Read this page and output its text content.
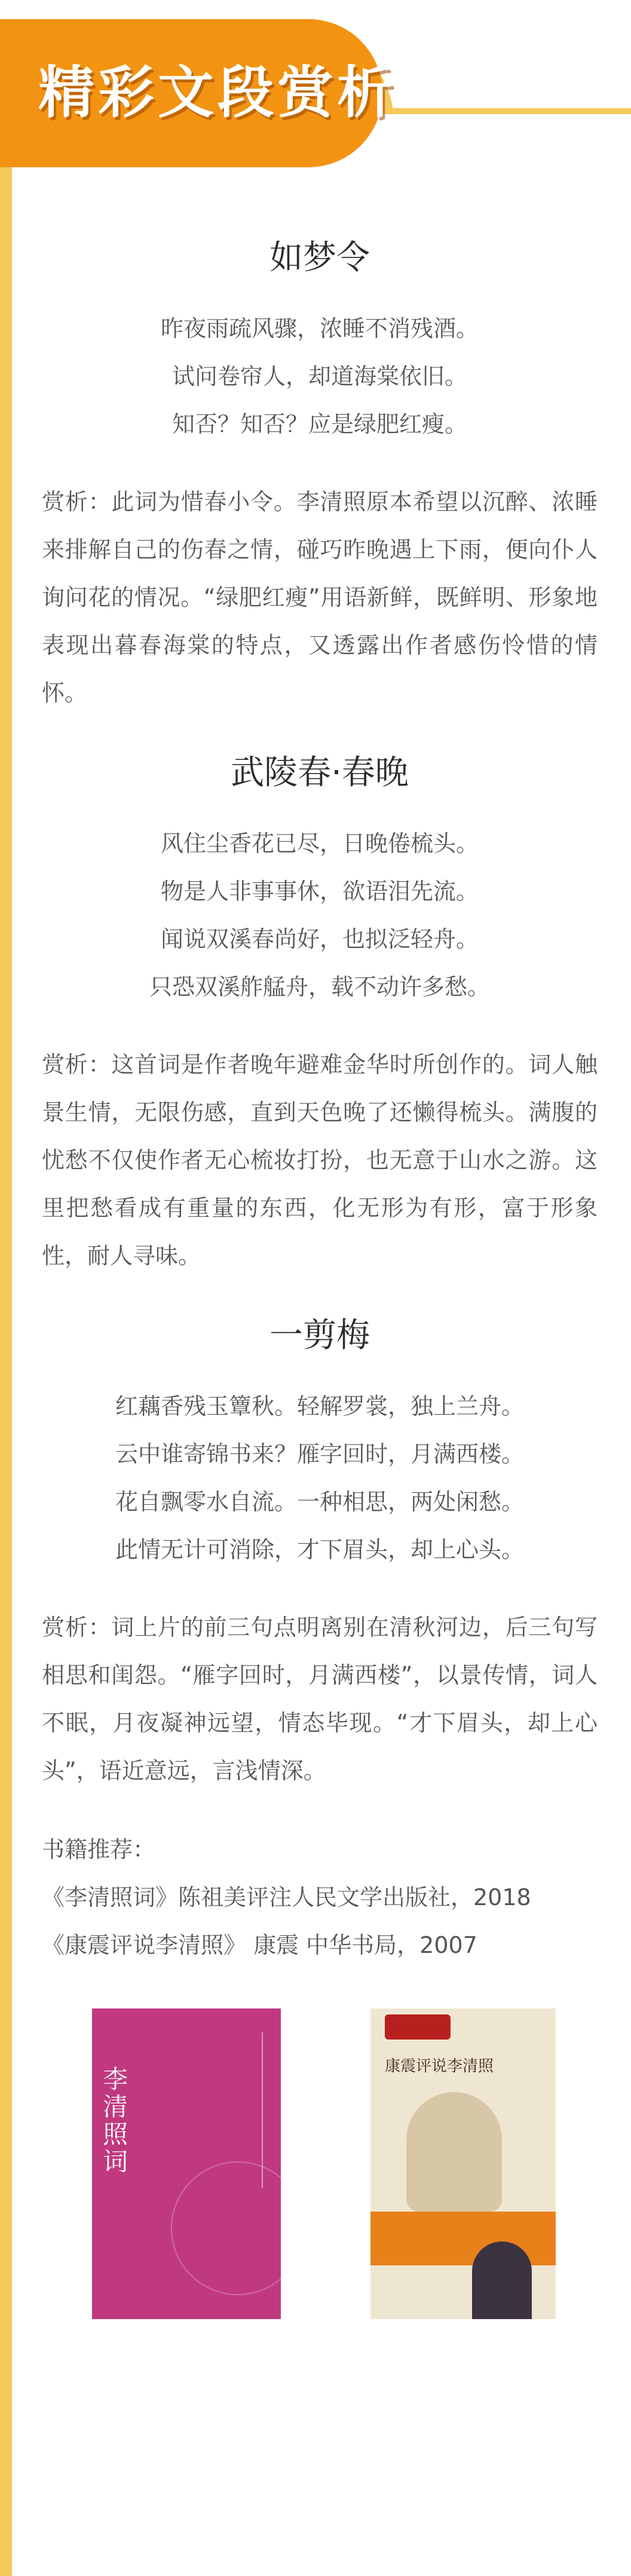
精彩文段赏析
如梦令
昨夜雨疏风骤，浓睡不消残酒。
试问卷帘人，却道海棠依旧。
知否？知否？应是绿肥红瘦。
赏析：此词为惜春小令。李清照原本希望以沉醉、浓睡来排解自己的伤春之情，碰巧昨晚遇上下雨，便向仆人询问花的情况。“绿肥红瘦”用语新鲜，既鲜明、形象地表现出暮春海棠的特点，又透露出作者感伤怜惜的情怀。
武陵春·春晚
风住尘香花已尽，日晚倦梳头。
物是人非事事休，欲语泪先流。
闻说双溪春尚好，也拟泛轻舟。
只恐双溪舴艋舟，载不动许多愁。
赏析：这首词是作者晚年避难金华时所创作的。词人触景生情，无限伤感，直到天色晚了还懒得梳头。满腹的忧愁不仅使作者无心梳妆打扮，也无意于山水之游。这里把愁看成有重量的东西，化无形为有形，富于形象性，耐人寻味。
一剪梅
红藕香残玉簟秋。轻解罗裳，独上兰舟。
云中谁寄锦书来？雁字回时，月满西楼。
花自飘零水自流。一种相思，两处闲愁。
此情无计可消除，才下眉头，却上心头。
赏析：词上片的前三句点明离别在清秋河边，后三句写相思和闺怨。“雁字回时，月满西楼”，以景传情，词人不眠，月夜凝神远望，情态毕现。“才下眉头，却上心头”，语近意远，言浅情深。
书籍推荐：
《李清照词》陈祖美评注人民文学出版社，2018
《康震评说李清照》 康震 中华书局，2007
李清照词	康震评说李清照
